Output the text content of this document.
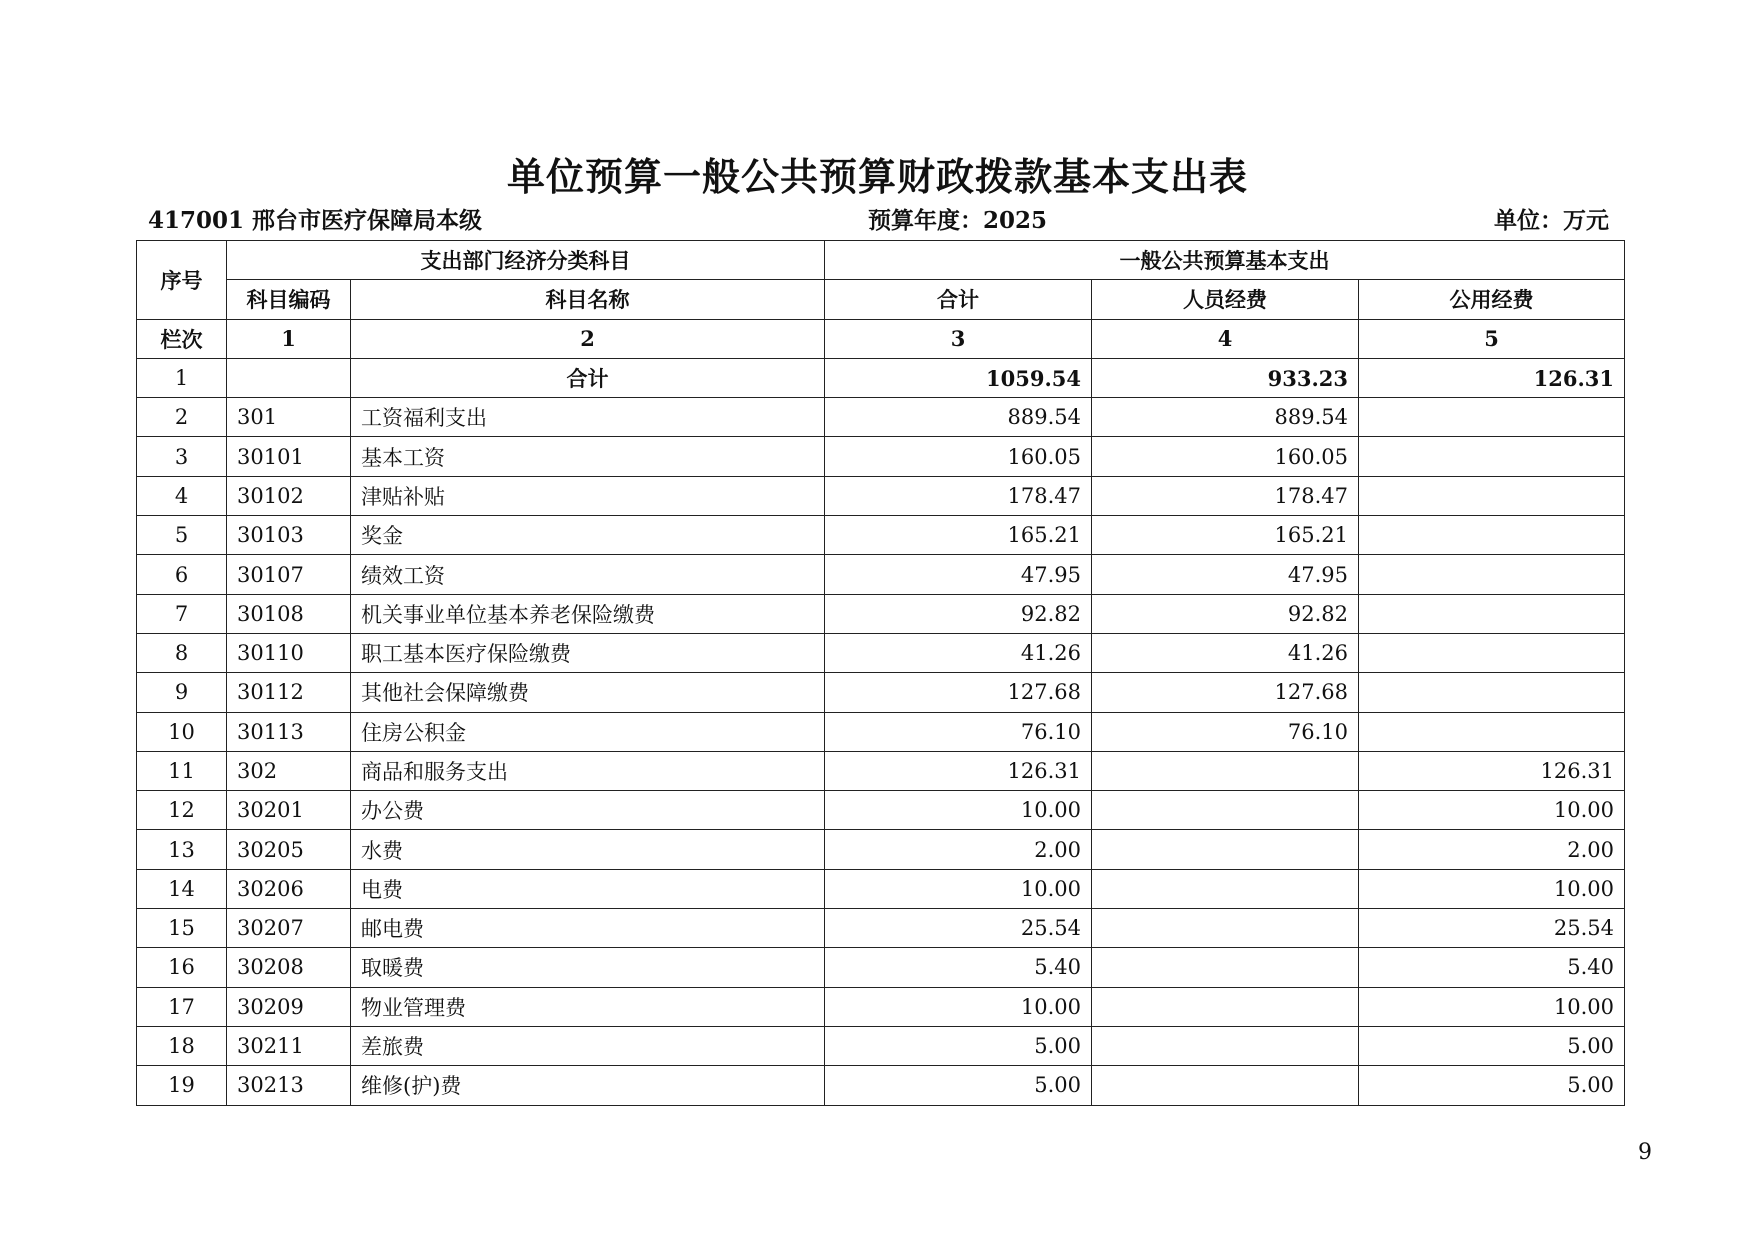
单位预算一般公共预算财政拨款基本支出表
417001 邢台市医疗保障局本级	预算年度：2025	单位：万元
序号	支出部门经济分类科目		一般公共预算基本支出		
	科目编码	科目名称	合计	人员经费	公用经费
栏次	1	2	3	4	5
1		合计	1059.54	933.23	126.31
2	301	工资福利支出	889.54	889.54	
3	30101	基本工资	160.05	160.05	
4	30102	津贴补贴	178.47	178.47	
5	30103	奖金	165.21	165.21	
6	30107	绩效工资	47.95	47.95	
7	30108	机关事业单位基本养老保险缴费	92.82	92.82	
8	30110	职工基本医疗保险缴费	41.26	41.26	
9	30112	其他社会保障缴费	127.68	127.68	
10	30113	住房公积金	76.10	76.10	
11	302	商品和服务支出	126.31		126.31
12	30201	办公费	10.00		10.00
13	30205	水费	2.00		2.00
14	30206	电费	10.00		10.00
15	30207	邮电费	25.54		25.54
16	30208	取暖费	5.40		5.40
17	30209	物业管理费	10.00		10.00
18	30211	差旅费	5.00		5.00
19	30213	维修(护)费	5.00		5.00
9
